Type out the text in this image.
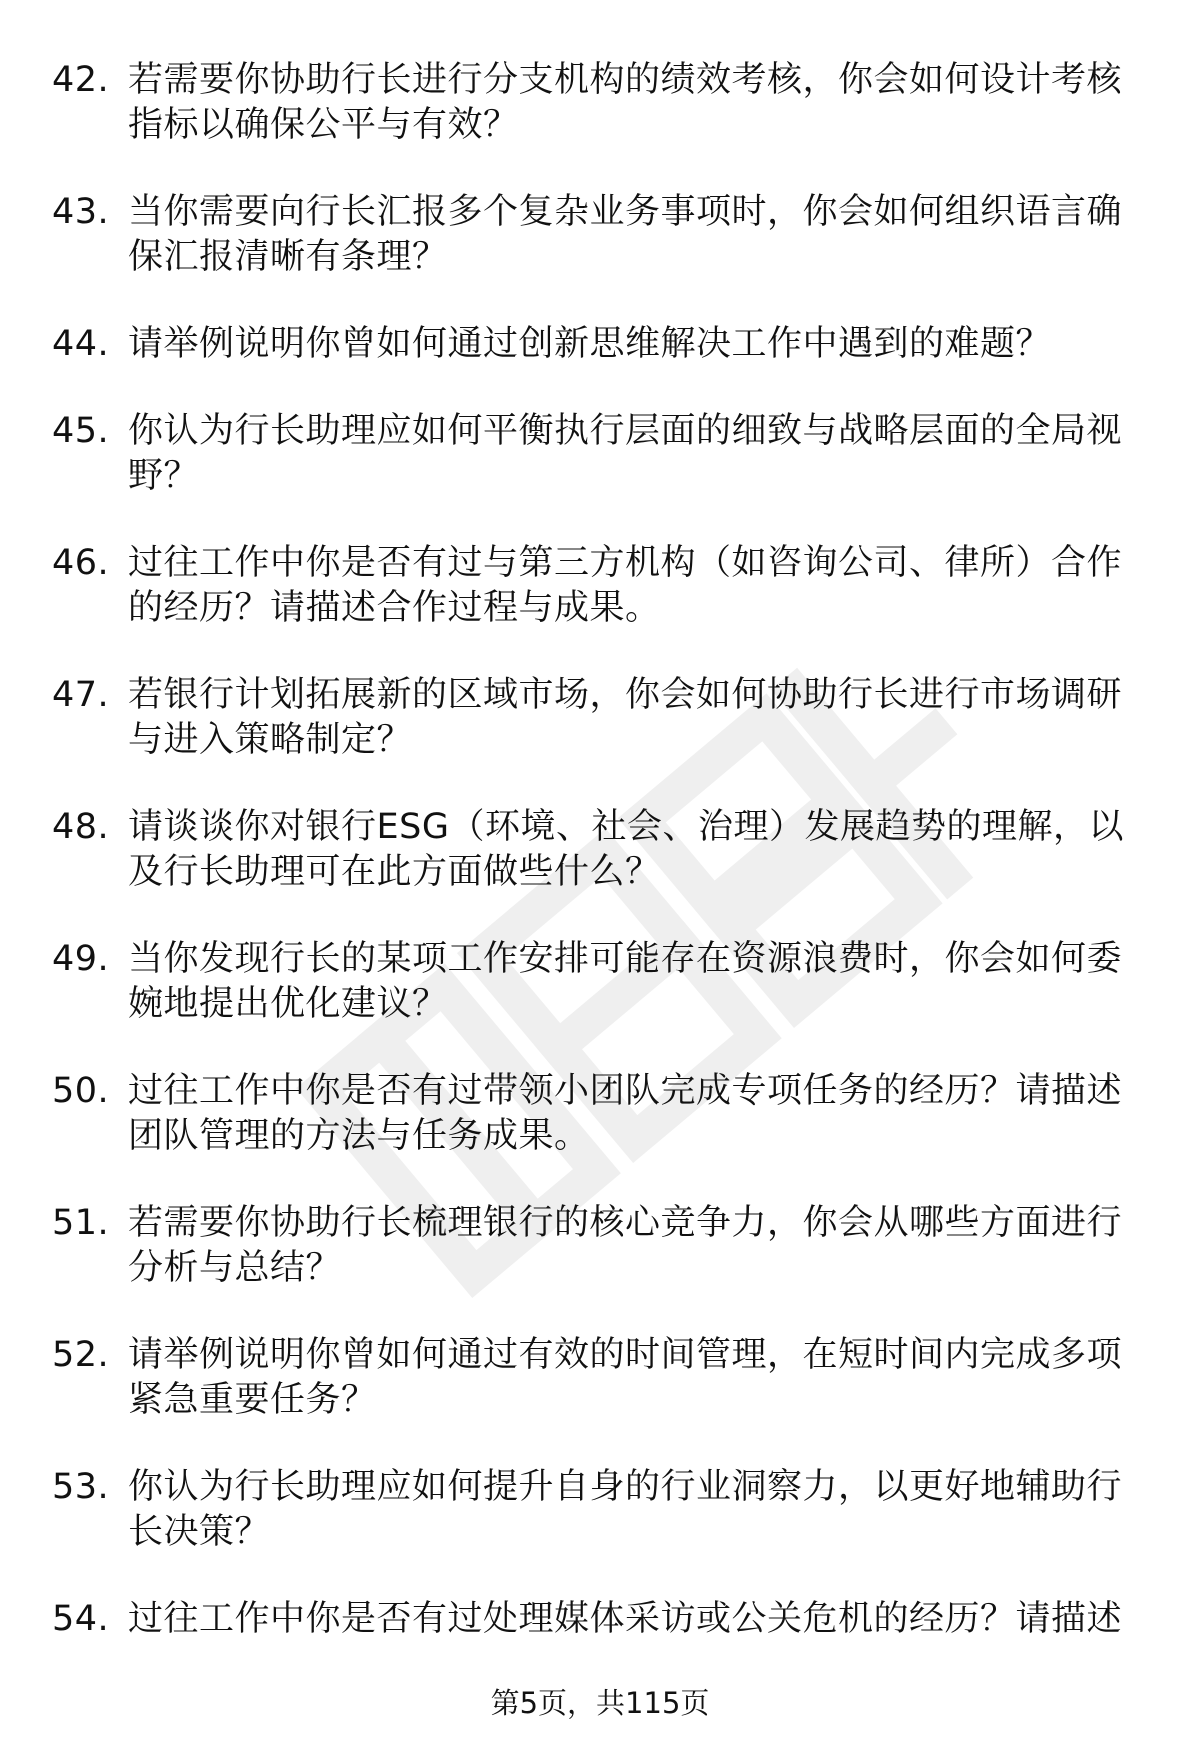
42. 若需要你协助行长进行分支机构的绩效考核，你会如何设计考核指标以确保公平与有效？
43. 当你需要向行长汇报多个复杂业务事项时，你会如何组织语言确保汇报清晰有条理？
44. 请举例说明你曾如何通过创新思维解决工作中遇到的难题？
45. 你认为行长助理应如何平衡执行层面的细致与战略层面的全局视野？
46. 过往工作中你是否有过与第三方机构（如咨询公司、律所）合作的经历？请描述合作过程与成果。
47. 若银行计划拓展新的区域市场，你会如何协助行长进行市场调研与进入策略制定？
48. 请谈谈你对银行ESG（环境、社会、治理）发展趋势的理解，以及行长助理可在此方面做些什么？
49. 当你发现行长的某项工作安排可能存在资源浪费时，你会如何委婉地提出优化建议？
50. 过往工作中你是否有过带领小团队完成专项任务的经历？请描述团队管理的方法与任务成果。
51. 若需要你协助行长梳理银行的核心竞争力，你会从哪些方面进行分析与总结？
52. 请举例说明你曾如何通过有效的时间管理，在短时间内完成多项紧急重要任务？
53. 你认为行长助理应如何提升自身的行业洞察力，以更好地辅助行长决策？
54. 过往工作中你是否有过处理媒体采访或公关危机的经历？请描述
第5页，共115页
